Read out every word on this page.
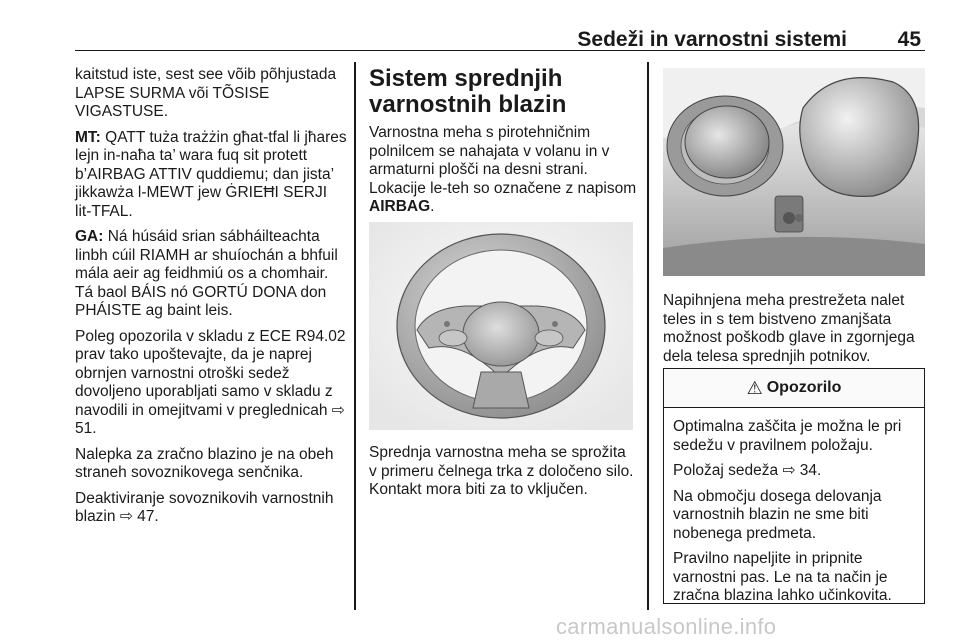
Sedeži in varnostni sistemi 45

kaitstud iste, sest see võib põhjustada LAPSE SURMA või TÕSISE VIGASTUSE.

MT: QATT tuża trażżin għat-tfal li jħares lejn in-naħa ta’ wara fuq sit protett b’AIRBAG ATTIV quddiemu; dan jista’ jikkawża l-MEWT jew ĠRIEĦI SERJI lit-TFAL.

GA: Ná húsáid srian sábháilteachta linbh cúil RIAMH ar shuíochán a bhfuil mála aeir ag feidhmiú os a chomhair. Tá baol BÁIS nó GORTÚ DONA don PHÁISTE ag baint leis.

Poleg opozorila v skladu z ECE R94.02 prav tako upoštevajte, da je naprej obrnjen varnostni otroški sedež dovoljeno uporabljati samo v skladu z navodili in omejitvami v preglednicah ⇨ 51.

Nalepka za zračno blazino je na obeh straneh sovoznikovega senčnika.

Deaktiviranje sovoznikovih varnostnih blazin ⇨ 47.

Sistem sprednjih varnostnih blazin

Varnostna meha s pirotehničnim polnilcem se nahajata v volanu in v armaturni plošči na desni strani. Lokacije le-teh so označene z napisom AIRBAG.

Sprednja varnostna meha se sprožita v primeru čelnega trka z določeno silo. Kontakt mora biti za to vključen.

Napihnjena meha prestrežeta nalet teles in s tem bistveno zmanjšata možnost poškodb glave in zgornjega dela telesa sprednjih potnikov.

⚠ Opozorilo

Optimalna zaščita je možna le pri sedežu v pravilnem položaju.

Položaj sedeža ⇨ 34.

Na območju dosega delovanja varnostnih blazin ne sme biti nobenega predmeta.

Pravilno napeljite in pripnite varnostni pas. Le na ta način je zračna blazina lahko učinkovita.

carmanualsonline.info
